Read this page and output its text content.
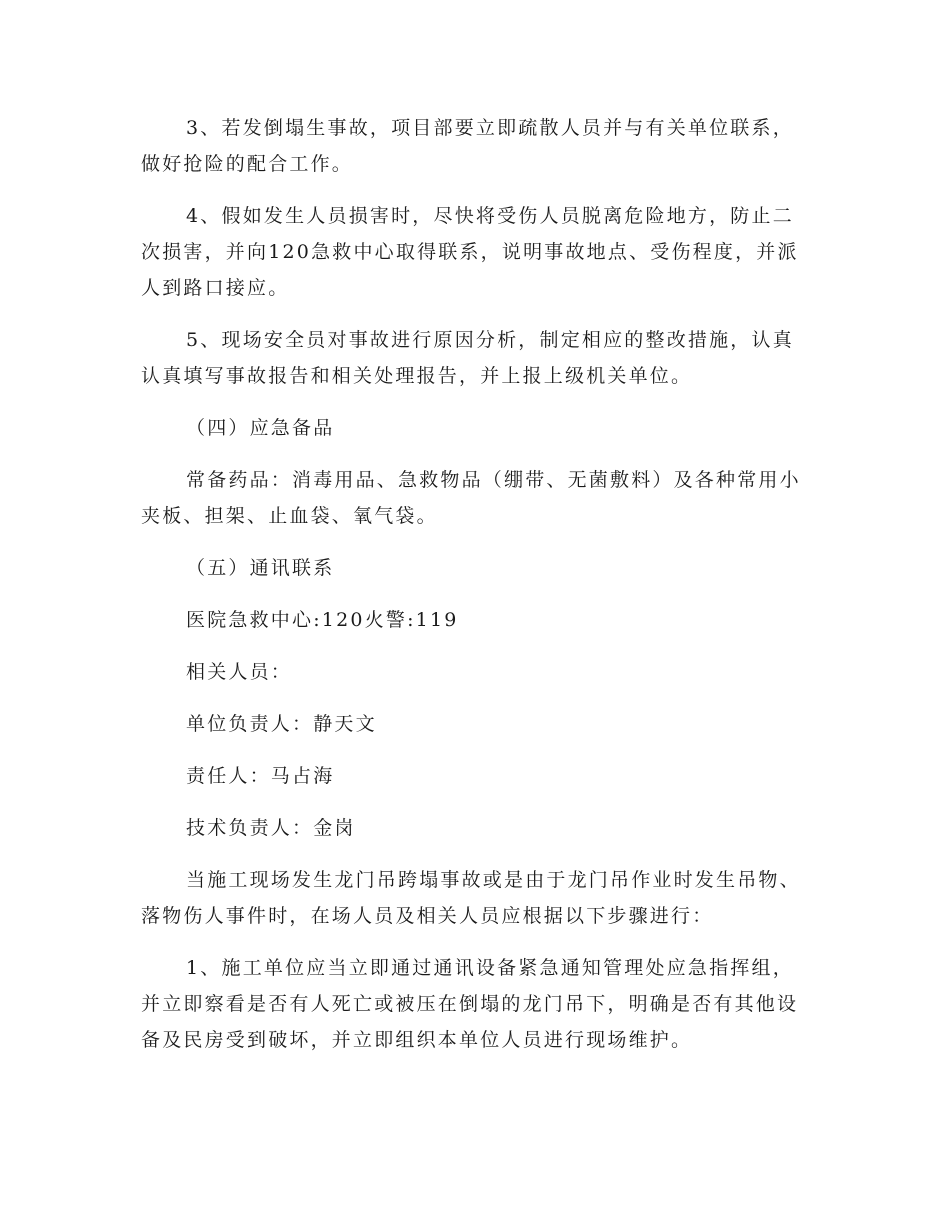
3、若发倒塌生事故，项目部要立即疏散人员并与有关单位联系，做好抢险的配合工作。

4、假如发生人员损害时，尽快将受伤人员脱离危险地方，防止二次损害，并向120急救中心取得联系，说明事故地点、受伤程度，并派人到路口接应。

5、现场安全员对事故进行原因分析，制定相应的整改措施，认真认真填写事故报告和相关处理报告，并上报上级机关单位。

（四）应急备品

常备药品：消毒用品、急救物品（绷带、无菌敷料）及各种常用小夹板、担架、止血袋、氧气袋。

（五）通讯联系

医院急救中心:120火警:119

相关人员：

单位负责人：静天文

责任人：马占海

技术负责人：金岗

当施工现场发生龙门吊跨塌事故或是由于龙门吊作业时发生吊物、落物伤人事件时，在场人员及相关人员应根据以下步骤进行：

1、施工单位应当立即通过通讯设备紧急通知管理处应急指挥组，并立即察看是否有人死亡或被压在倒塌的龙门吊下，明确是否有其他设备及民房受到破坏，并立即组织本单位人员进行现场维护。
